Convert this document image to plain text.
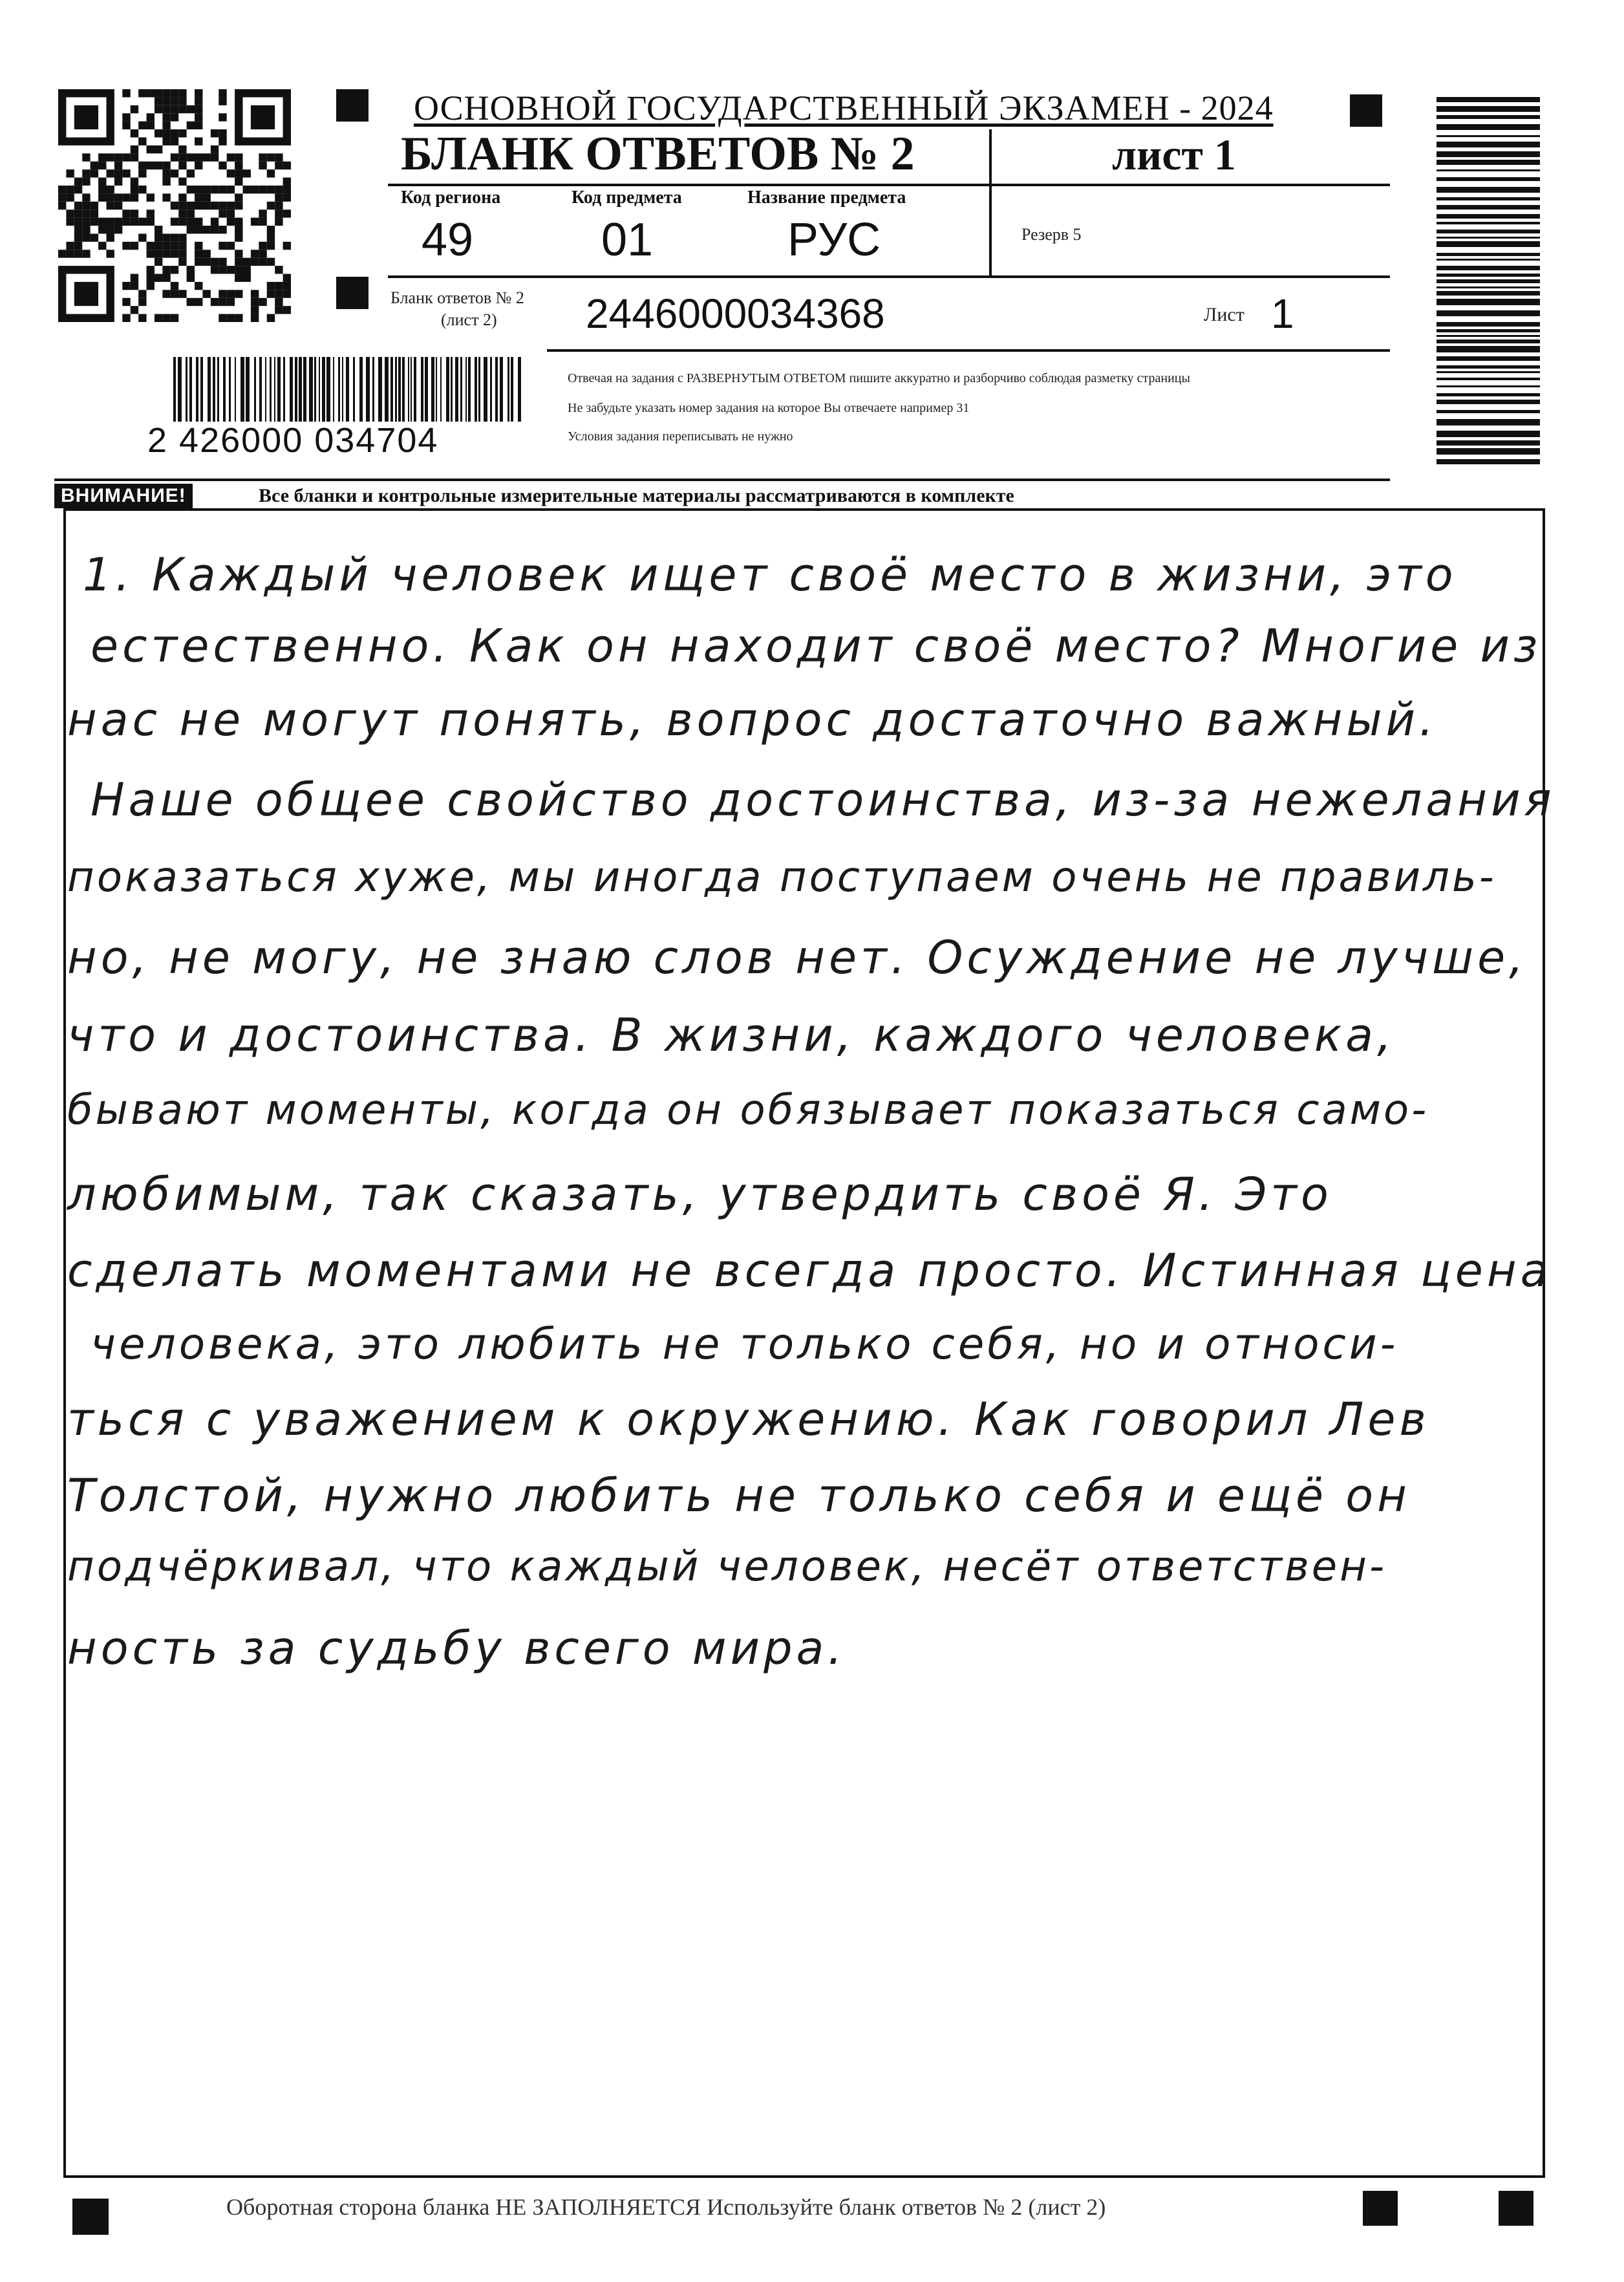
ОСНОВНОЙ ГОСУДАРСТВЕННЫЙ ЭКЗАМЕН - 2024
БЛАНК ОТВЕТОВ № 2	лист 1
Код региона
49
Код предмета
01
Название предмета
РУС	Резерв 5
Бланк ответов № 2
(лист 2) 2446000034368	Лист 1
Отвечая на задания с РАЗВЕРНУТЫМ ОТВЕТОМ пишите аккуратно и разборчиво соблюдая разметку страницы
Не забудьте указать номер задания на которое Вы отвечаете например 31
Условия задания переписывать не нужно
2 426000 034704
ВНИМАНИЕ!	Все бланки и контрольные измерительные материалы рассматриваются в комплекте
1. Каждый человек ищет своё место в жизни, это
естественно. Как он находит своё место? Многие из
нас не могут понять, вопрос достаточно важный.
Наше общее свойство достоинства, из-за нежелания
показаться хуже, мы иногда поступаем очень не правиль-
но, не могу, не знаю слов нет. Осуждение не лучше,
что и достоинства. В жизни, каждого человека,
бывают моменты, когда он обязывает показаться само-
любимым, так сказать, утвердить своё Я. Это
сделать моментами не всегда просто. Истинная цена
человека, это любить не только себя, но и относи-
ться с уважением к окружению. Как говорил Лев
Толстой, нужно любить не только себя и ещё он
подчёркивал, что каждый человек, несёт ответствен-
ность за судьбу всего мира.
Оборотная сторона бланка НЕ ЗАПОЛНЯЕТСЯ Используйте бланк ответов № 2 (лист 2)
